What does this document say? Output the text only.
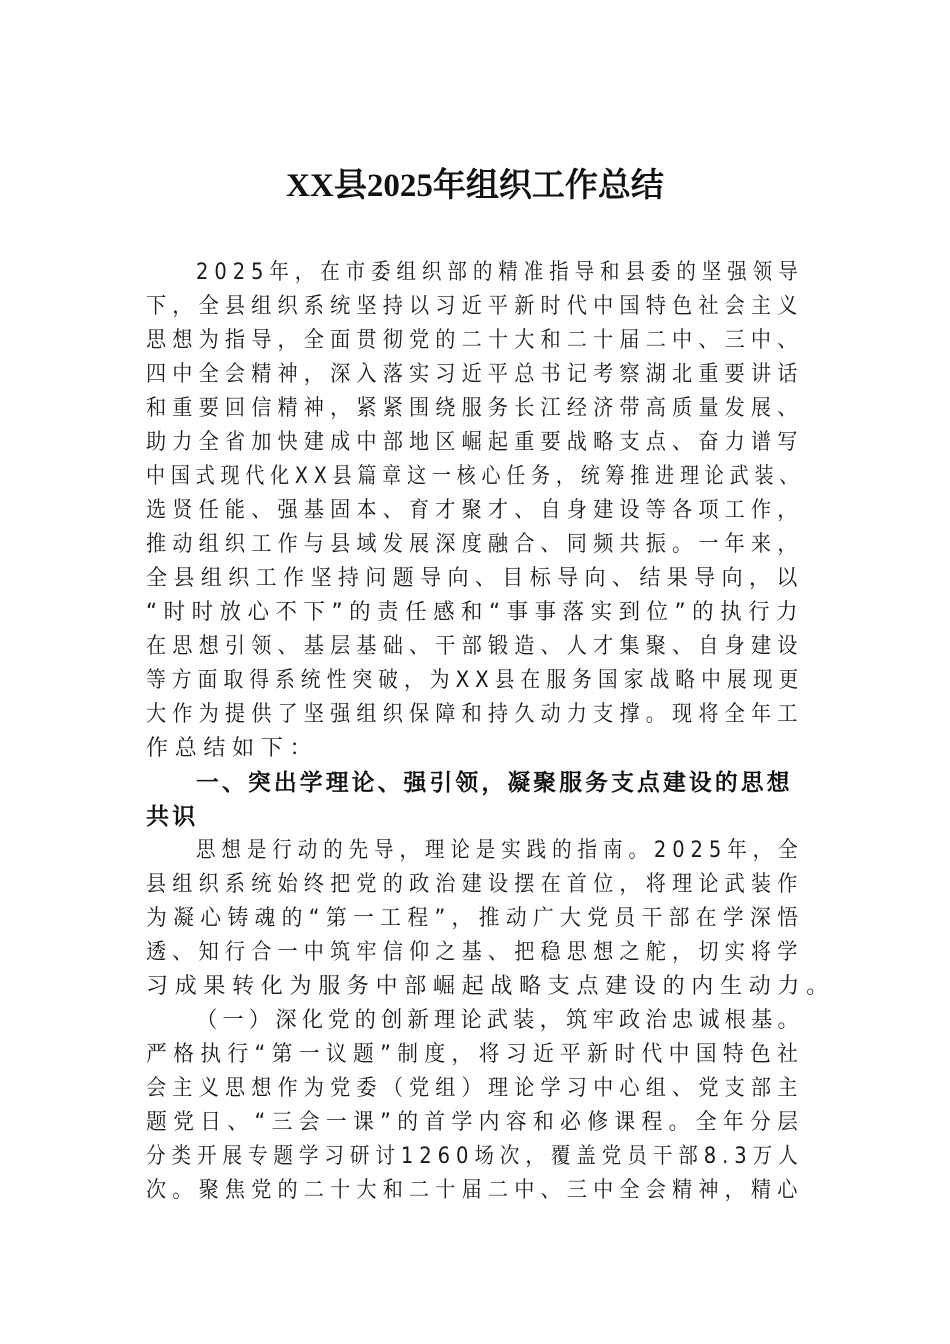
XX县2025年组织工作总结
2025年，在市委组织部的精准指导和县委的坚强领导
下，全县组织系统坚持以习近平新时代中国特色社会主义
思想为指导，全面贯彻党的二十大和二十届二中、三中、
四中全会精神，深入落实习近平总书记考察湖北重要讲话
和重要回信精神，紧紧围绕服务长江经济带高质量发展、
助力全省加快建成中部地区崛起重要战略支点、奋力谱写
中国式现代化XX县篇章这一核心任务，统筹推进理论武装、
选贤任能、强基固本、育才聚才、自身建设等各项工作，
推动组织工作与县域发展深度融合、同频共振。一年来，
全县组织工作坚持问题导向、目标导向、结果导向，以
“时时放心不下”的责任感和“事事落实到位”的执行力
在思想引领、基层基础、干部锻造、人才集聚、自身建设
等方面取得系统性突破，为XX县在服务国家战略中展现更
大作为提供了坚强组织保障和持久动力支撑。现将全年工
作总结如下：
一、突出学理论、强引领，凝聚服务支点建设的思想
共识
思想是行动的先导，理论是实践的指南。2025年，全
县组织系统始终把党的政治建设摆在首位，将理论武装作
为凝心铸魂的“第一工程”，推动广大党员干部在学深悟
透、知行合一中筑牢信仰之基、把稳思想之舵，切实将学
习成果转化为服务中部崛起战略支点建设的内生动力。
（一）深化党的创新理论武装，筑牢政治忠诚根基。
严格执行“第一议题”制度，将习近平新时代中国特色社
会主义思想作为党委（党组）理论学习中心组、党支部主
题党日、“三会一课”的首学内容和必修课程。全年分层
分类开展专题学习研讨1260场次，覆盖党员干部8.3万人
次。聚焦党的二十大和二十届二中、三中全会精神，精心
